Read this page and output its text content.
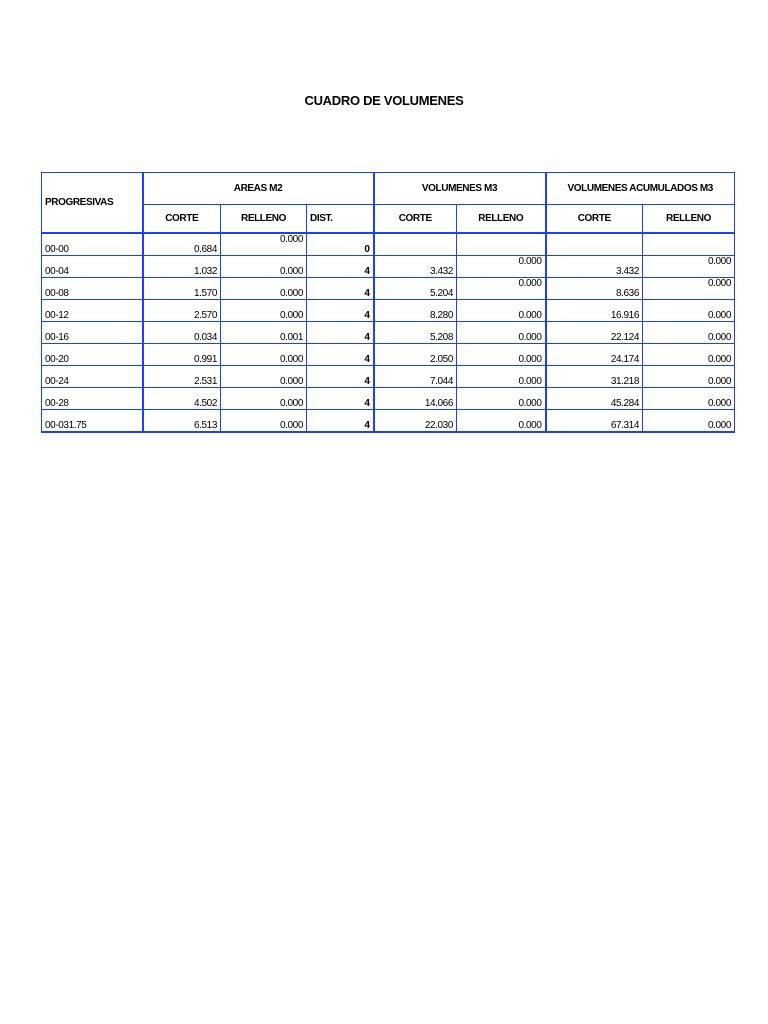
CUADRO DE VOLUMENES
PROGRESIVAS	AREAS M2			VOLUMENES M3		VOLUMENES ACUMULADOS M3	
	CORTE	RELLENO	DIST.	CORTE	RELLENO	CORTE	RELLENO
00-00	0.684	0.000	0				
00-04	1.032	0.000	4	3.432	0.000	3.432	0.000
00-08	1.570	0.000	4	5.204	0.000	8.636	0.000
00-12	2.570	0.000	4	8.280	0.000	16.916	0.000
00-16	0.034	0.001	4	5.208	0.000	22.124	0.000
00-20	0.991	0.000	4	2.050	0.000	24.174	0.000
00-24	2.531	0.000	4	7.044	0.000	31.218	0.000
00-28	4.502	0.000	4	14.066	0.000	45.284	0.000
00-031.75	6.513	0.000	4	22.030	0.000	67.314	0.000
